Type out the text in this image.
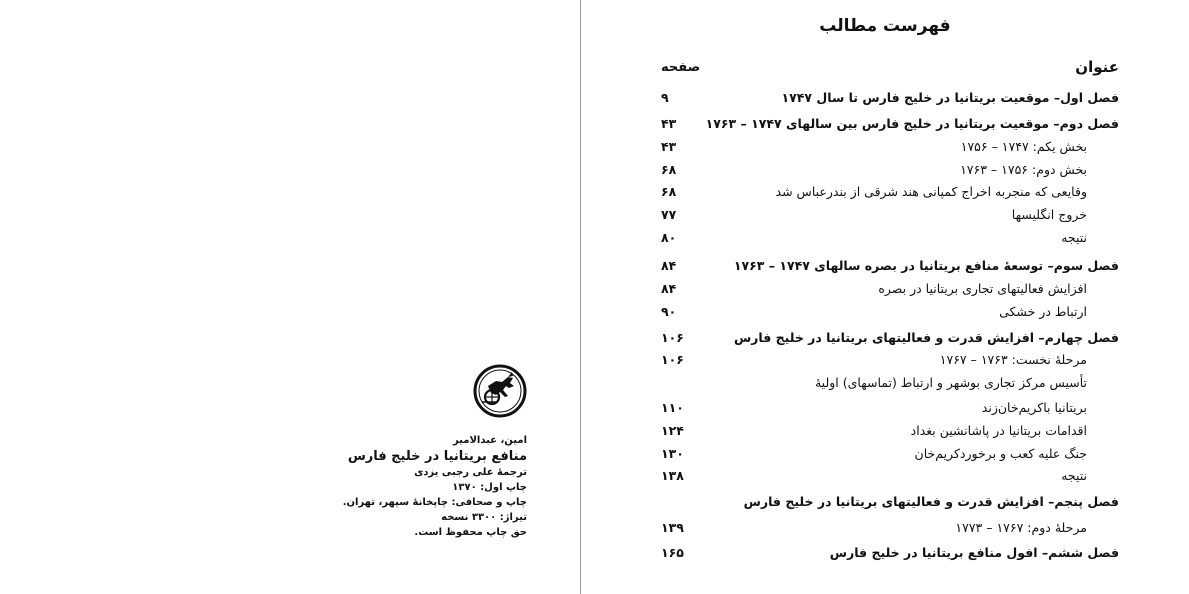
امین، عبدالامیر
منافع بریتانیا در خلیج فارس
ترجمهٔ علی رجبی یزدی
چاپ اول: ۱۳۷۰
چاپ و صحافی: چاپخانهٔ سپهر، تهران.
تیراژ: ۳۳۰۰ نسخه
حق چاپ محفوظ است.
فهرست مطالب
عنوان
صفحه
فصل اول– موقعیت بریتانیا در خلیج فارس تا سال ۱۷۴۷
۹
فصل دوم– موقعیت بریتانیا در خلیج فارس بین سالهای ۱۷۴۷ – ۱۷۶۳
۴۳
بخش یکم: ۱۷۴۷ – ۱۷۵۶
۴۳
بخش دوم: ۱۷۵۶ – ۱۷۶۳
۶۸
وقایعی که منجربه اخراج کمپانی هند شرقی از بندرعباس شد
۶۸
خروج انگلیسها
۷۷
نتیجه
۸۰
فصل سوم– توسعهٔ منافع بریتانیا در بصره سالهای ۱۷۴۷ – ۱۷۶۳
۸۴
افزایش فعالیتهای تجاری بریتانیا در بصره
۸۴
ارتباط در خشکی
۹۰
فصل چهارم– افزایش قدرت و فعالیتهای بریتانیا در خلیج فارس
۱۰۶
مرحلهٔ نخست: ۱۷۶۳ – ۱۷۶۷
۱۰۶
تأسیس مرکز تجاری بوشهر و ارتباط (تماسهای) اولیهٔ
بریتانیا باکریم‌خان‌زند
۱۱۰
اقدامات بریتانیا در پاشانشین بغداد
۱۲۴
جنگ علیه کعب و برخوردکریم‌خان
۱۳۰
نتیجه
۱۳۸
فصل پنجم– افزایش قدرت و فعالیتهای بریتانیا در خلیج فارس
مرحلهٔ دوم: ۱۷۶۷ – ۱۷۷۳
۱۳۹
فصل ششم– افول منافع بریتانیا در خلیج فارس
۱۶۵
